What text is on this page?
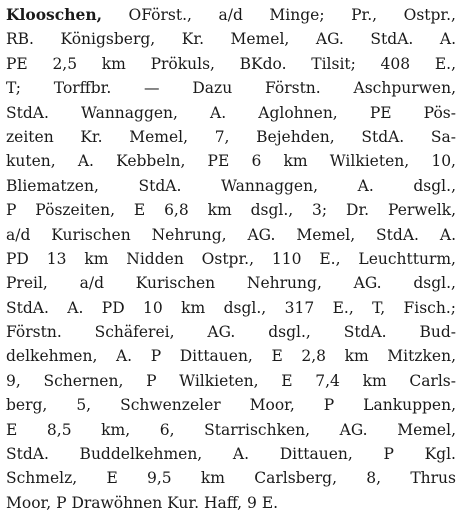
Klooschen, OFörst., a/d Minge; Pr., Ostpr.,
RB. Königsberg, Kr. Memel, AG. StdA. A.
PE 2,5 km Prökuls, BKdo. Tilsit; 408 E.,
T; Torffbr. — Dazu Förstn. Aschpurwen,
StdA. Wannaggen, A. Aglohnen, PE Pös-
zeiten Kr. Memel, 7, Bejehden, StdA. Sa-
kuten, A. Kebbeln, PE 6 km Wilkieten, 10,
Bliematzen, StdA. Wannaggen, A. dsgl.,
P Pöszeiten, E 6,8 km dsgl., 3; Dr. Perwelk,
a/d Kurischen Nehrung, AG. Memel, StdA. A.
PD 13 km Nidden Ostpr., 110 E., Leuchtturm,
Preil, a/d Kurischen Nehrung, AG. dsgl.,
StdA. A. PD 10 km dsgl., 317 E., T, Fisch.;
Förstn. Schäferei, AG. dsgl., StdA. Bud-
delkehmen, A. P Dittauen, E 2,8 km Mitzken,
9, Schernen, P Wilkieten, E 7,4 km Carls-
berg, 5, Schwenzeler Moor, P Lankuppen,
E 8,5 km, 6, Starrischken, AG. Memel,
StdA. Buddelkehmen, A. Dittauen, P Kgl.
Schmelz, E 9,5 km Carlsberg, 8, Thrus
Moor, P Drawöhnen Kur. Haff, 9 E.
